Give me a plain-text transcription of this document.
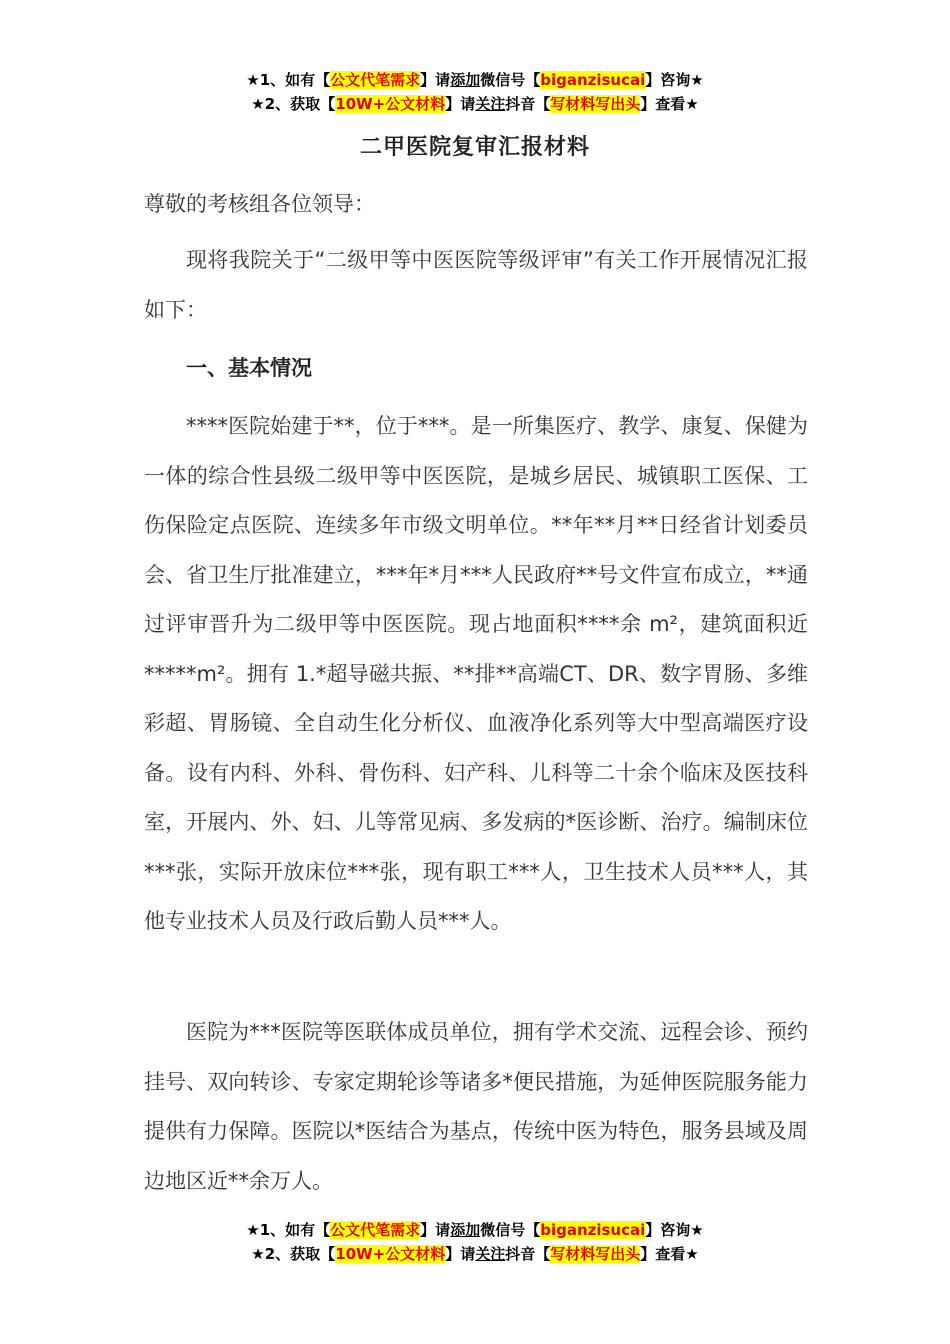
★1、如有【公文代笔需求】请添加微信号【biganzisucai】咨询★
★2、获取【10W+公文材料】请关注抖音【写材料写出头】查看★
二甲医院复审汇报材料
尊敬的考核组各位领导：

现将我院关于“二级甲等中医医院等级评审”有关工作开展情况汇报如下：

一、基本情况

****医院始建于**，位于***。是一所集医疗、教学、康复、保健为一体的综合性县级二级甲等中医医院，是城乡居民、城镇职工医保、工伤保险定点医院、连续多年市级文明单位。**年**月**日经省计划委员会、省卫生厅批准建立，***年*月***人民政府**号文件宣布成立，**通过评审晋升为二级甲等中医医院。现占地面积****余 m²，建筑面积近*****m²。拥有 1.*超导磁共振、**排**高端CT、DR、数字胃肠、多维彩超、胃肠镜、全自动生化分析仪、血液净化系列等大中型高端医疗设备。设有内科、外科、骨伤科、妇产科、儿科等二十余个临床及医技科室，开展内、外、妇、儿等常见病、多发病的*医诊断、治疗。编制床位***张，实际开放床位***张，现有职工***人，卫生技术人员***人，其他专业技术人员及行政后勤人员***人。

医院为***医院等医联体成员单位，拥有学术交流、远程会诊、预约挂号、双向转诊、专家定期轮诊等诸多*便民措施，为延伸医院服务能力提供有力保障。医院以*医结合为基点，传统中医为特色，服务县域及周边地区近**余万人。

★1、如有【公文代笔需求】请添加微信号【biganzisucai】咨询★
★2、获取【10W+公文材料】请关注抖音【写材料写出头】查看★
